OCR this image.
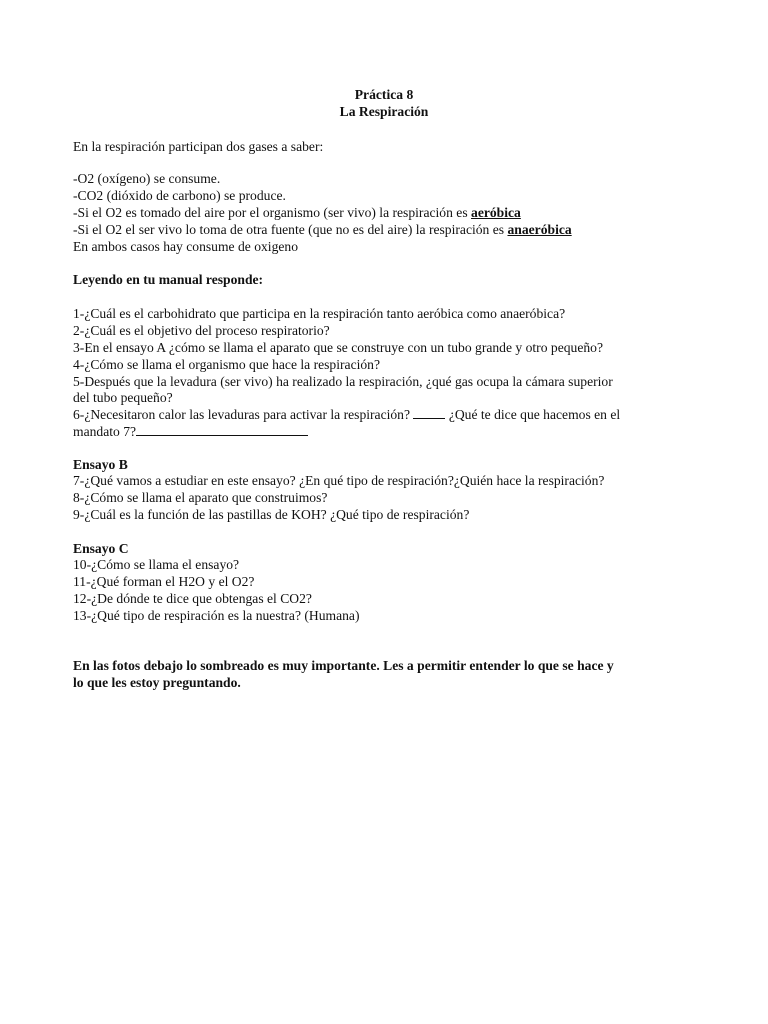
Práctica 8
La Respiración
En la respiración participan dos gases a saber:
-O2 (oxígeno) se consume.
-CO2 (dióxido de carbono) se produce.
-Si el O2 es tomado del aire por el organismo (ser vivo) la respiración es aeróbica
-Si el O2 el ser vivo lo toma de otra fuente (que no es del aire) la respiración es anaeróbica
En ambos casos hay consume de oxigeno
Leyendo en tu manual responde:
1-¿Cuál es el carbohidrato que participa en la respiración tanto aeróbica como anaeróbica?
2-¿Cuál es el objetivo del proceso respiratorio?
3-En el ensayo A ¿cómo se llama el aparato que se construye con un tubo grande y otro pequeño?
4-¿Cómo se llama el organismo que hace la respiración?
5-Después que la levadura (ser vivo) ha realizado la respiración, ¿qué gas ocupa la cámara superior
del tubo pequeño?
6-¿Necesitaron calor las levaduras para activar la respiración?  ¿Qué te dice que hacemos en el
mandato 7?
Ensayo B
7-¿Qué vamos a estudiar en este ensayo? ¿En qué tipo de respiración?¿Quién hace la respiración?
8-¿Cómo se llama el aparato que construimos?
9-¿Cuál es la función de las pastillas de KOH? ¿Qué tipo de respiración?
Ensayo C
10-¿Cómo se llama el ensayo?
11-¿Qué forman el H2O y el O2?
12-¿De dónde te dice que obtengas el CO2?
13-¿Qué tipo de respiración es la nuestra? (Humana)
En las fotos debajo lo sombreado es muy importante. Les a permitir entender lo que se hace y
lo que les estoy preguntando.
